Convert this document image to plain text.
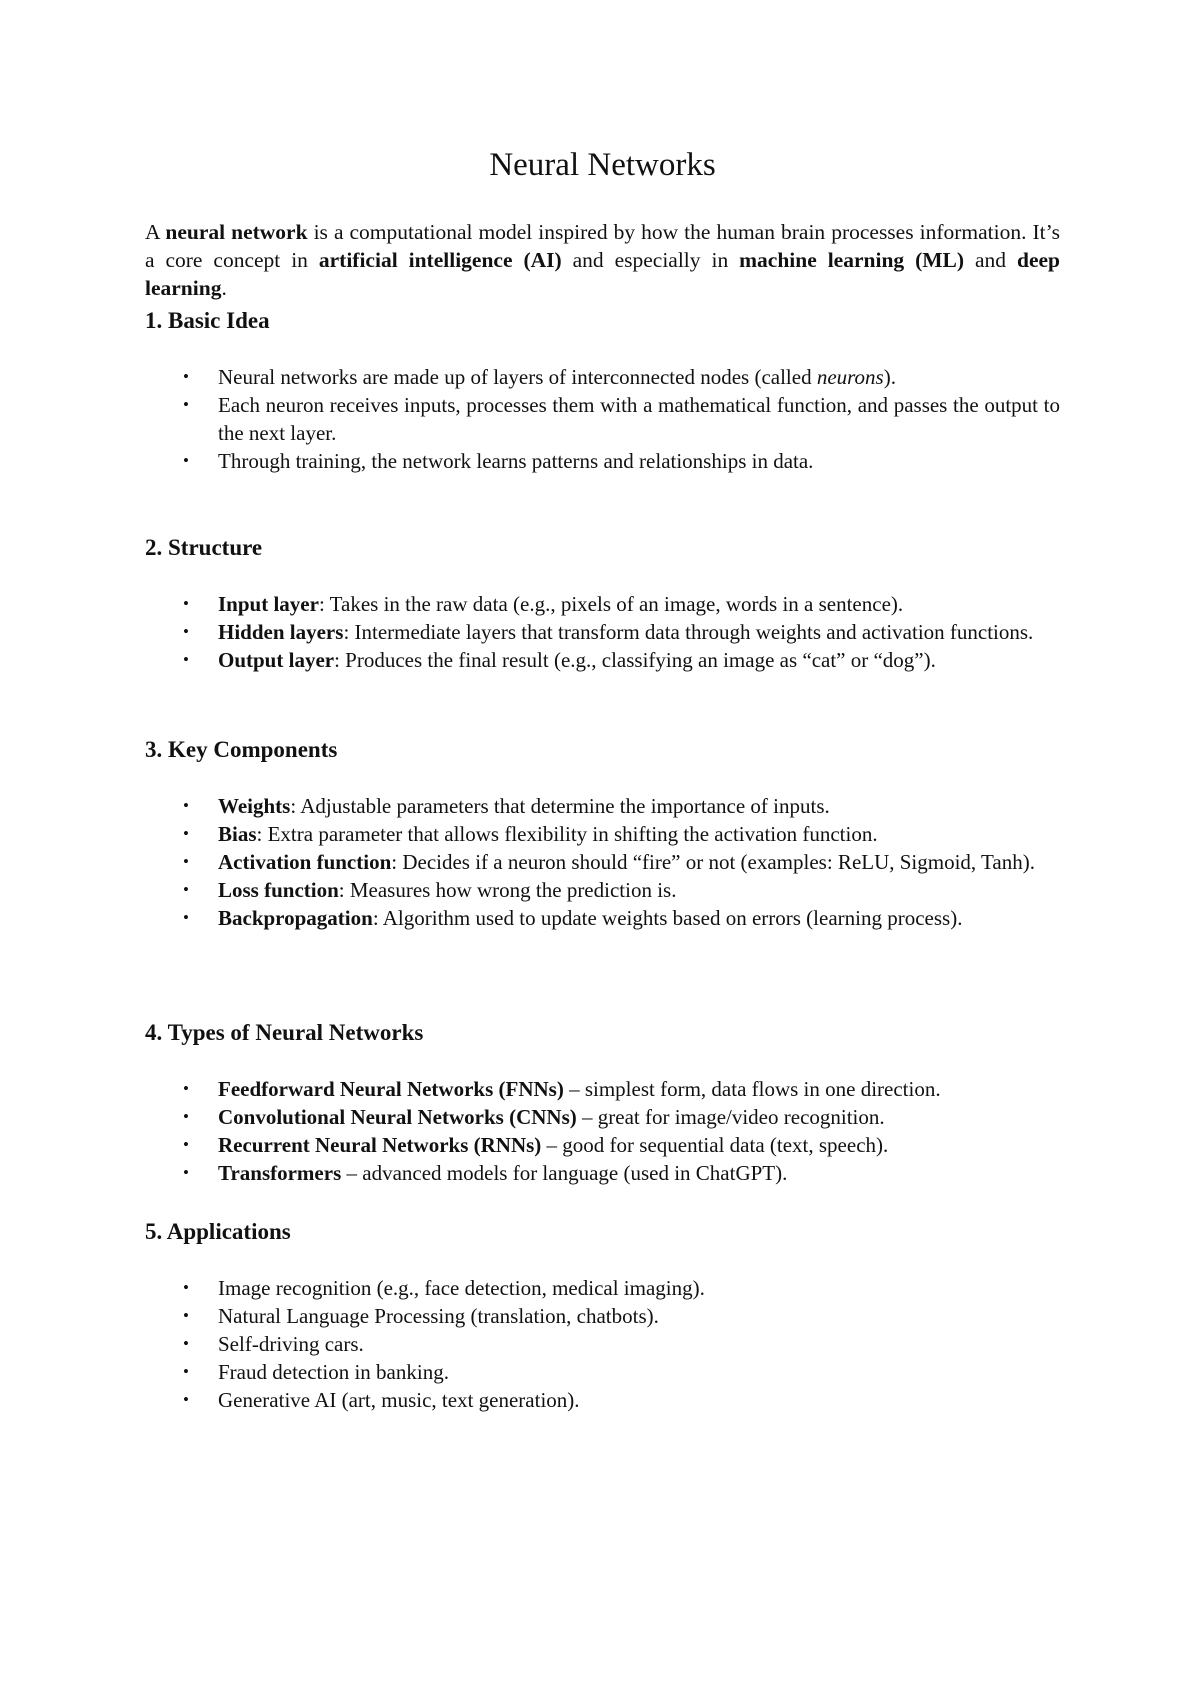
Neural Networks

A neural network is a computational model inspired by how the human brain processes information. It’s a core concept in artificial intelligence (AI) and especially in machine learning (ML) and deep learning.

1. Basic Idea
• Neural networks are made up of layers of interconnected nodes (called neurons).
• Each neuron receives inputs, processes them with a mathematical function, and passes the output to the next layer.
• Through training, the network learns patterns and relationships in data.
2. Structure
• Input layer: Takes in the raw data (e.g., pixels of an image, words in a sentence).
• Hidden layers: Intermediate layers that transform data through weights and activation functions.
• Output layer: Produces the final result (e.g., classifying an image as “cat” or “dog”).
3. Key Components
• Weights: Adjustable parameters that determine the importance of inputs.
• Bias: Extra parameter that allows flexibility in shifting the activation function.
• Activation function: Decides if a neuron should “fire” or not (examples: ReLU, Sigmoid, Tanh).
• Loss function: Measures how wrong the prediction is.
• Backpropagation: Algorithm used to update weights based on errors (learning process).
4. Types of Neural Networks
• Feedforward Neural Networks (FNNs) – simplest form, data flows in one direction.
• Convolutional Neural Networks (CNNs) – great for image/video recognition.
• Recurrent Neural Networks (RNNs) – good for sequential data (text, speech).
• Transformers – advanced models for language (used in ChatGPT).
5. Applications
• Image recognition (e.g., face detection, medical imaging).
• Natural Language Processing (translation, chatbots).
• Self-driving cars.
• Fraud detection in banking.
• Generative AI (art, music, text generation).
